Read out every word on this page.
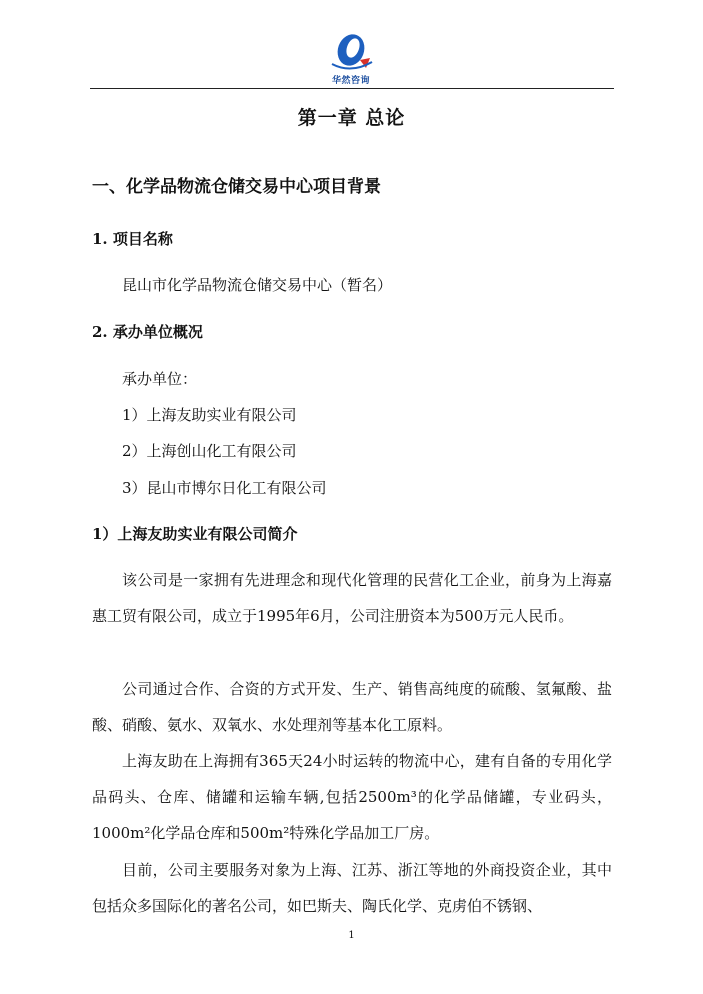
华然咨询
第一章 总论
一、化学品物流仓储交易中心项目背景
1. 项目名称
昆山市化学品物流仓储交易中心（暂名）
2. 承办单位概况
承办单位：
1）上海友助实业有限公司
2）上海创山化工有限公司
3）昆山市博尔日化工有限公司
1）上海友助实业有限公司简介

该公司是一家拥有先进理念和现代化管理的民营化工企业，前身为上海嘉惠工贸有限公司，成立于1995年6月，公司注册资本为500万元人民币。

公司通过合作、合资的方式开发、生产、销售高纯度的硫酸、氢氟酸、盐酸、硝酸、氨水、双氧水、水处理剂等基本化工原料。

上海友助在上海拥有365天24小时运转的物流中心，建有自备的专用化学品码头、仓库、储罐和运输车辆,包括2500m³的化学品储罐，专业码头，1000m²化学品仓库和500m²特殊化学品加工厂房。

目前，公司主要服务对象为上海、江苏、浙江等地的外商投资企业，其中包括众多国际化的著名公司，如巴斯夫、陶氏化学、克虏伯不锈钢、

1
